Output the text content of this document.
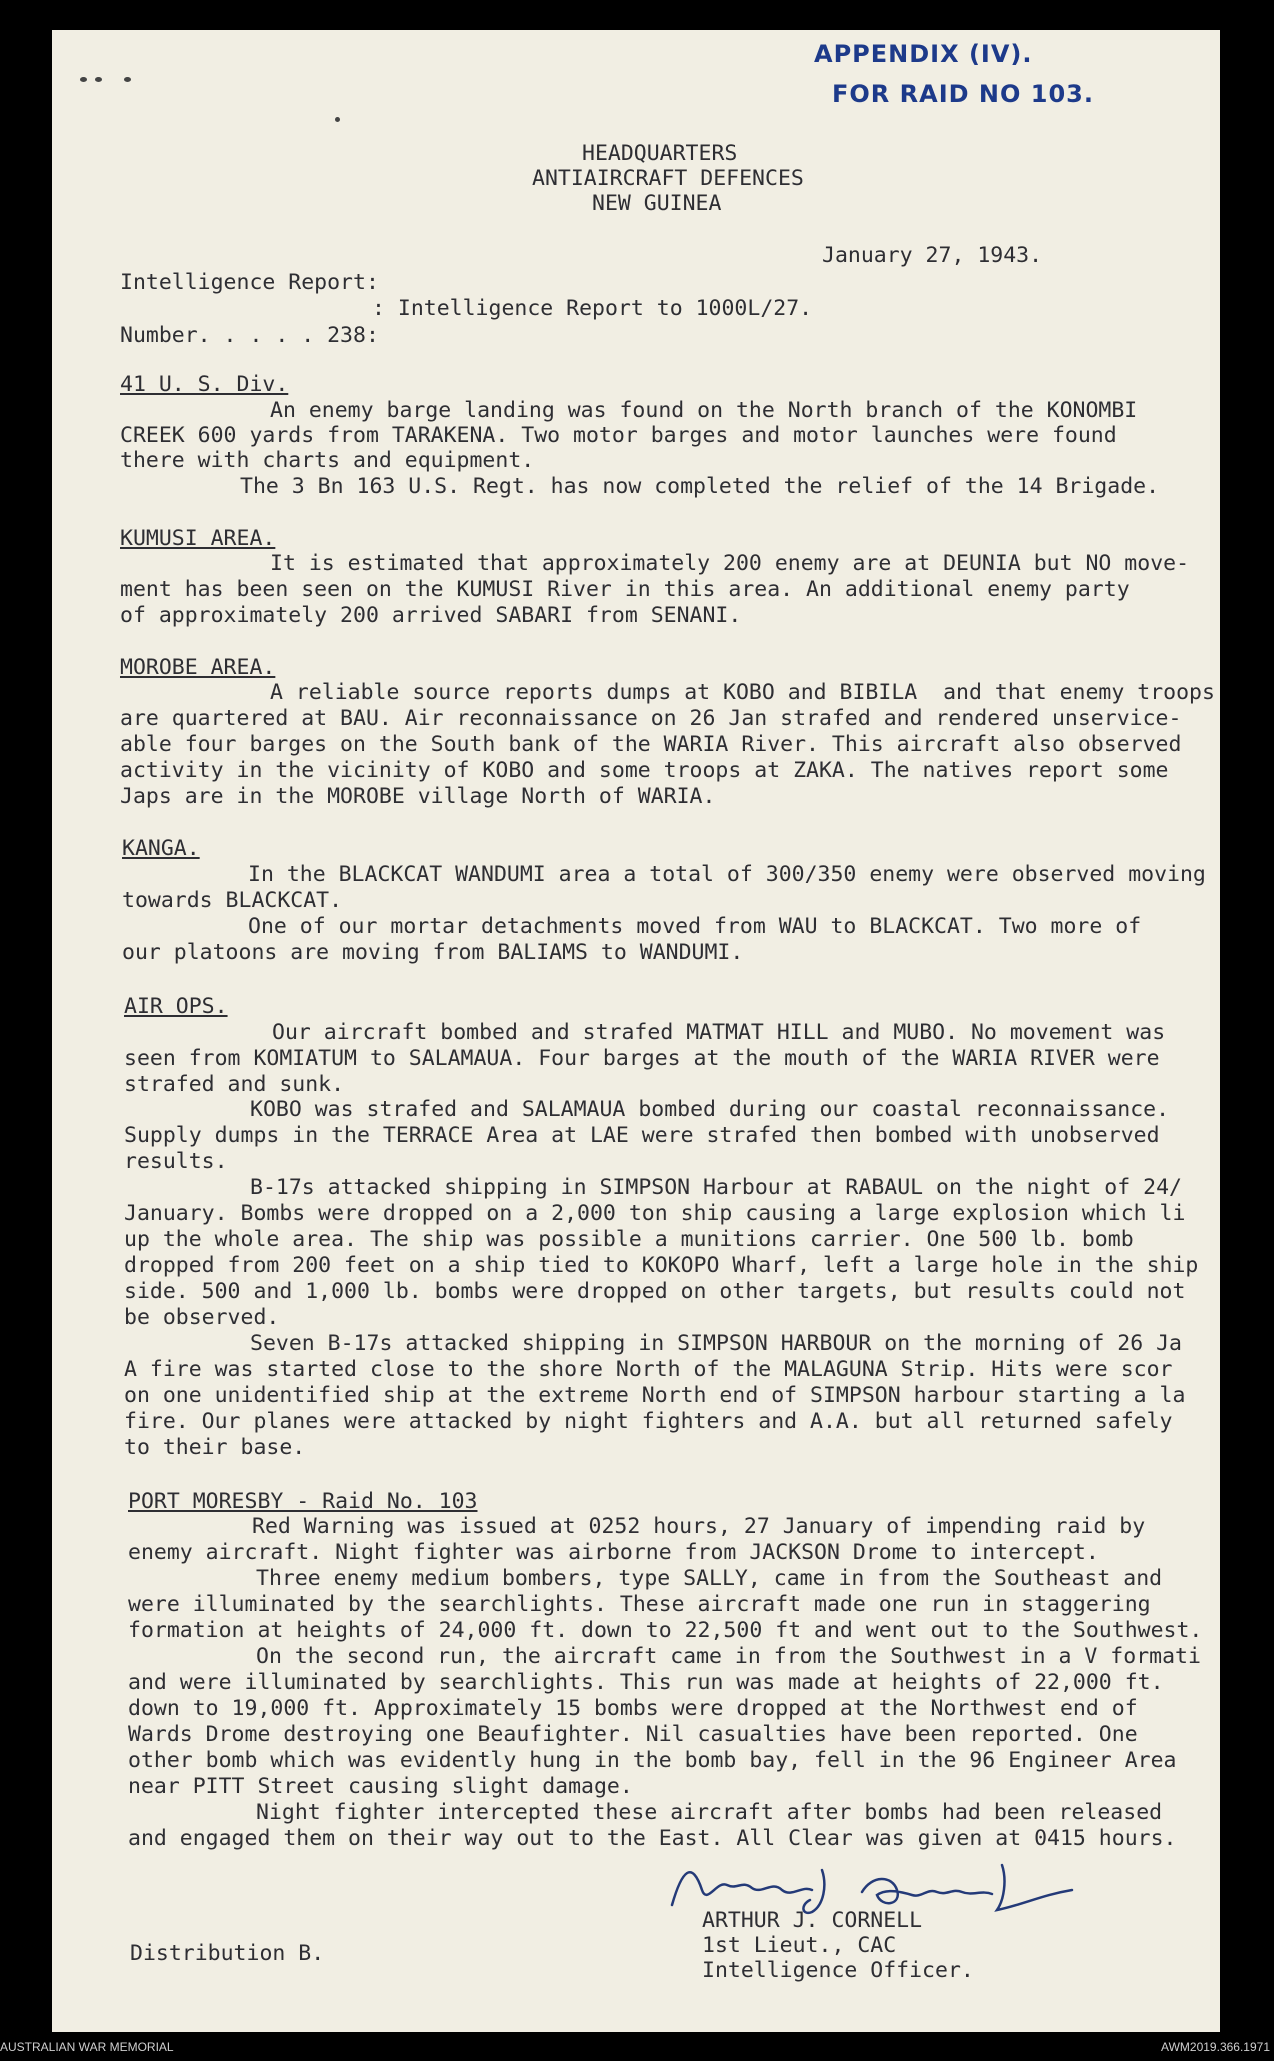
APPENDIX (IV).
FOR RAID NO 103.
HEADQUARTERS
ANTIAIRCRAFT DEFENCES
NEW GUINEA
January 27, 1943.
Intelligence Report:
: Intelligence Report to 1000L/27.
Number. . . . . 238:
41 U. S. Div.
An enemy barge landing was found on the North branch of the KONOMBI
CREEK 600 yards from TARAKENA. Two motor barges and motor launches were found
there with charts and equipment.
The 3 Bn 163 U.S. Regt. has now completed the relief of the 14 Brigade.
KUMUSI AREA.
It is estimated that approximately 200 enemy are at DEUNIA but NO move-
ment has been seen on the KUMUSI River in this area. An additional enemy party
of approximately 200 arrived SABARI from SENANI.
MOROBE AREA.
A reliable source reports dumps at KOBO and BIBILA  and that enemy troops
are quartered at BAU. Air reconnaissance on 26 Jan strafed and rendered unservice-
able four barges on the South bank of the WARIA River. This aircraft also observed
activity in the vicinity of KOBO and some troops at ZAKA. The natives report some
Japs are in the MOROBE village North of WARIA.
KANGA.
In the BLACKCAT WANDUMI area a total of 300/350 enemy were observed moving
towards BLACKCAT.
One of our mortar detachments moved from WAU to BLACKCAT. Two more of
our platoons are moving from BALIAMS to WANDUMI.
AIR OPS.
Our aircraft bombed and strafed MATMAT HILL and MUBO. No movement was
seen from KOMIATUM to SALAMAUA. Four barges at the mouth of the WARIA RIVER were
strafed and sunk.
KOBO was strafed and SALAMAUA bombed during our coastal reconnaissance.
Supply dumps in the TERRACE Area at LAE were strafed then bombed with unobserved
results.
B-17s attacked shipping in SIMPSON Harbour at RABAUL on the night of 24/
January. Bombs were dropped on a 2,000 ton ship causing a large explosion which li
up the whole area. The ship was possible a munitions carrier. One 500 lb. bomb
dropped from 200 feet on a ship tied to KOKOPO Wharf, left a large hole in the ship
side. 500 and 1,000 lb. bombs were dropped on other targets, but results could not
be observed.
Seven B-17s attacked shipping in SIMPSON HARBOUR on the morning of 26 Ja
A fire was started close to the shore North of the MALAGUNA Strip. Hits were scor
on one unidentified ship at the extreme North end of SIMPSON harbour starting a la
fire. Our planes were attacked by night fighters and A.A. but all returned safely
to their base.
PORT MORESBY - Raid No. 103
Red Warning was issued at 0252 hours, 27 January of impending raid by
enemy aircraft. Night fighter was airborne from JACKSON Drome to intercept.
Three enemy medium bombers, type SALLY, came in from the Southeast and
were illuminated by the searchlights. These aircraft made one run in staggering
formation at heights of 24,000 ft. down to 22,500 ft and went out to the Southwest.
On the second run, the aircraft came in from the Southwest in a V formati
and were illuminated by searchlights. This run was made at heights of 22,000 ft.
down to 19,000 ft. Approximately 15 bombs were dropped at the Northwest end of
Wards Drome destroying one Beaufighter. Nil casualties have been reported. One
other bomb which was evidently hung in the bomb bay, fell in the 96 Engineer Area
near PITT Street causing slight damage.
Night fighter intercepted these aircraft after bombs had been released
and engaged them on their way out to the East. All Clear was given at 0415 hours.
ARTHUR J. CORNELL
1st Lieut., CAC
Intelligence Officer.
Distribution B.
AUSTRALIAN WAR MEMORIAL	AWM2019.366.1971
